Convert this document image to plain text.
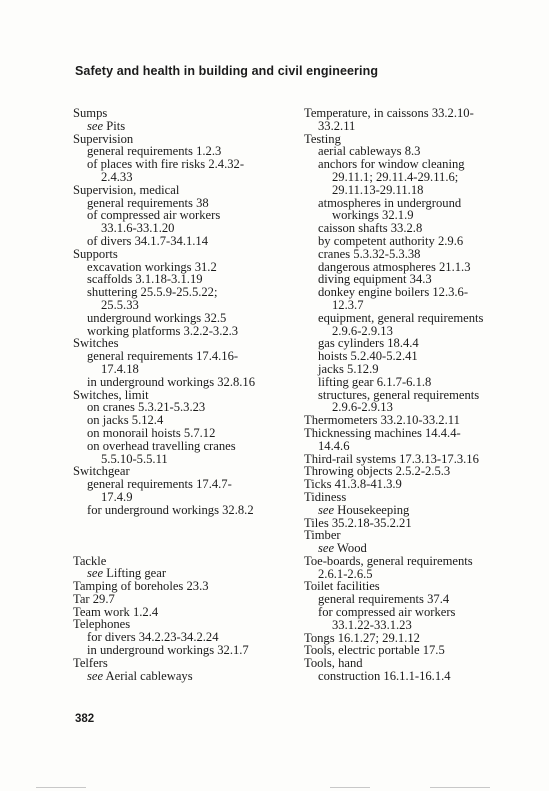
Safety and health in building and civil engineering
Sumps
see Pits
Supervision
general requirements 1.2.3
of places with fire risks 2.4.32-
2.4.33
Supervision, medical
general requirements 38
of compressed air workers
33.1.6-33.1.20
of divers 34.1.7-34.1.14
Supports
excavation workings 31.2
scaffolds 3.1.18-3.1.19
shuttering 25.5.9-25.5.22;
25.5.33
underground workings 32.5
working platforms 3.2.2-3.2.3
Switches
general requirements 17.4.16-
17.4.18
in underground workings 32.8.16
Switches, limit
on cranes 5.3.21-5.3.23
on jacks 5.12.4
on monorail hoists 5.7.12
on overhead travelling cranes
5.5.10-5.5.11
Switchgear
general requirements 17.4.7-
17.4.9
for underground workings 32.8.2
Tackle
see Lifting gear
Tamping of boreholes 23.3
Tar 29.7
Team work 1.2.4
Telephones
for divers 34.2.23-34.2.24
in underground workings 32.1.7
Telfers
see Aerial cableways
Temperature, in caissons 33.2.10-
33.2.11
Testing
aerial cableways 8.3
anchors for window cleaning
29.11.1; 29.11.4-29.11.6;
29.11.13-29.11.18
atmospheres in underground
workings 32.1.9
caisson shafts 33.2.8
by competent authority 2.9.6
cranes 5.3.32-5.3.38
dangerous atmospheres 21.1.3
diving equipment 34.3
donkey engine boilers 12.3.6-
12.3.7
equipment, general requirements
2.9.6-2.9.13
gas cylinders 18.4.4
hoists 5.2.40-5.2.41
jacks 5.12.9
lifting gear 6.1.7-6.1.8
structures, general requirements
2.9.6-2.9.13
Thermometers 33.2.10-33.2.11
Thicknessing machines 14.4.4-
14.4.6
Third-rail systems 17.3.13-17.3.16
Throwing objects 2.5.2-2.5.3
Ticks 41.3.8-41.3.9
Tidiness
see Housekeeping
Tiles 35.2.18-35.2.21
Timber
see Wood
Toe-boards, general requirements
2.6.1-2.6.5
Toilet facilities
general requirements 37.4
for compressed air workers
33.1.22-33.1.23
Tongs 16.1.27; 29.1.12
Tools, electric portable 17.5
Tools, hand
construction 16.1.1-16.1.4
382
